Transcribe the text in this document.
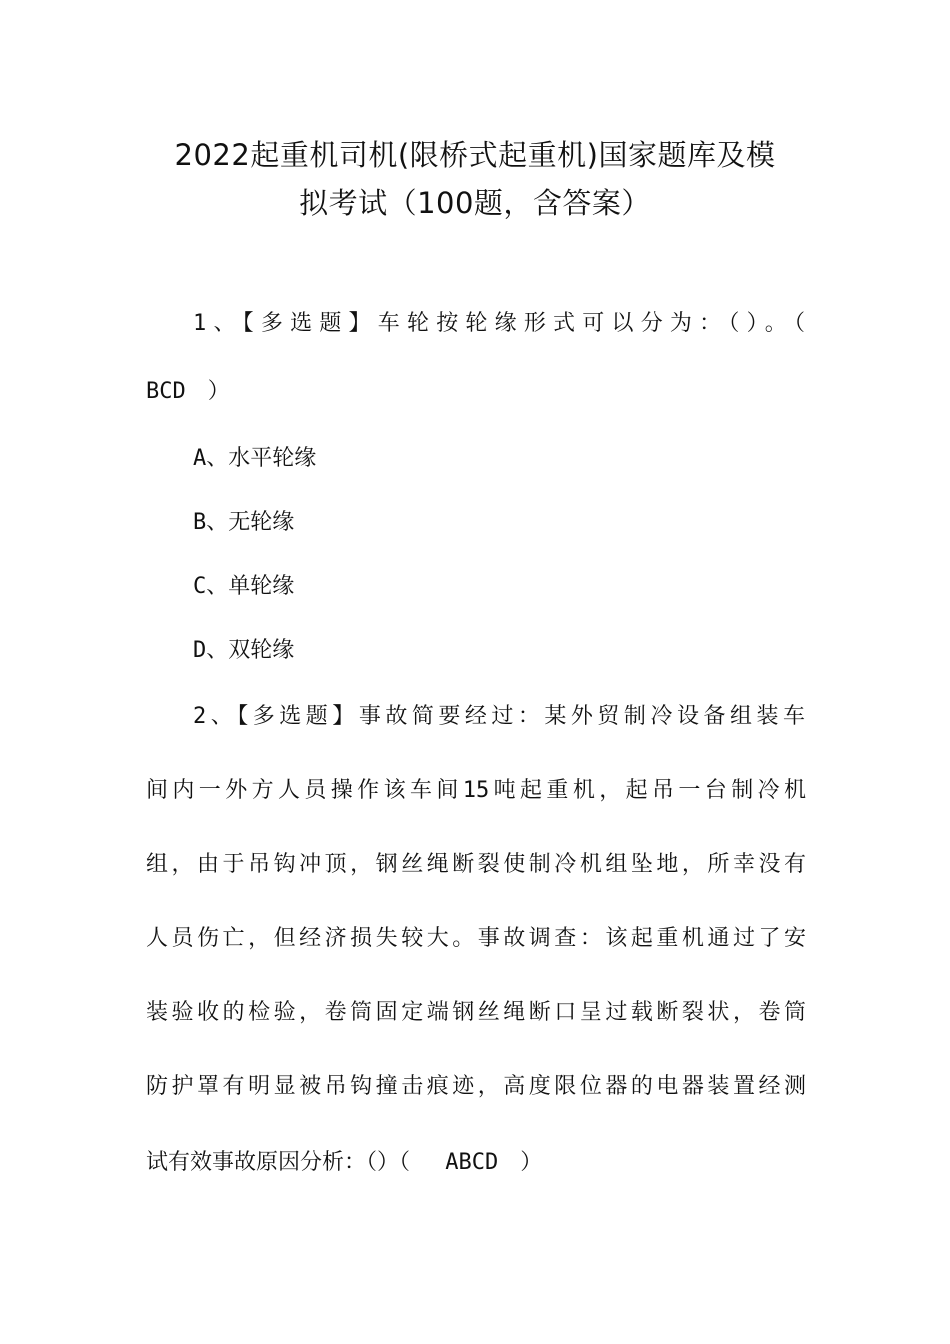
2022起重机司机(限桥式起重机)国家题库及模
拟考试（100题，含答案）
1、【多选题】车轮按轮缘形式可以分为：（）。（
BCD　）
A、水平轮缘
B、无轮缘
C、单轮缘
D、双轮缘
2、【多选题】事故简要经过：某外贸制冷设备组装车
间内一外方人员操作该车间15吨起重机，起吊一台制冷机
组，由于吊钩冲顶，钢丝绳断裂使制冷机组坠地，所幸没有
人员伤亡，但经济损失较大。事故调查：该起重机通过了安
装验收的检验，卷筒固定端钢丝绳断口呈过载断裂状，卷筒
防护罩有明显被吊钩撞击痕迹，高度限位器的电器装置经测
试有效事故原因分析：（）（　 ABCD　）
